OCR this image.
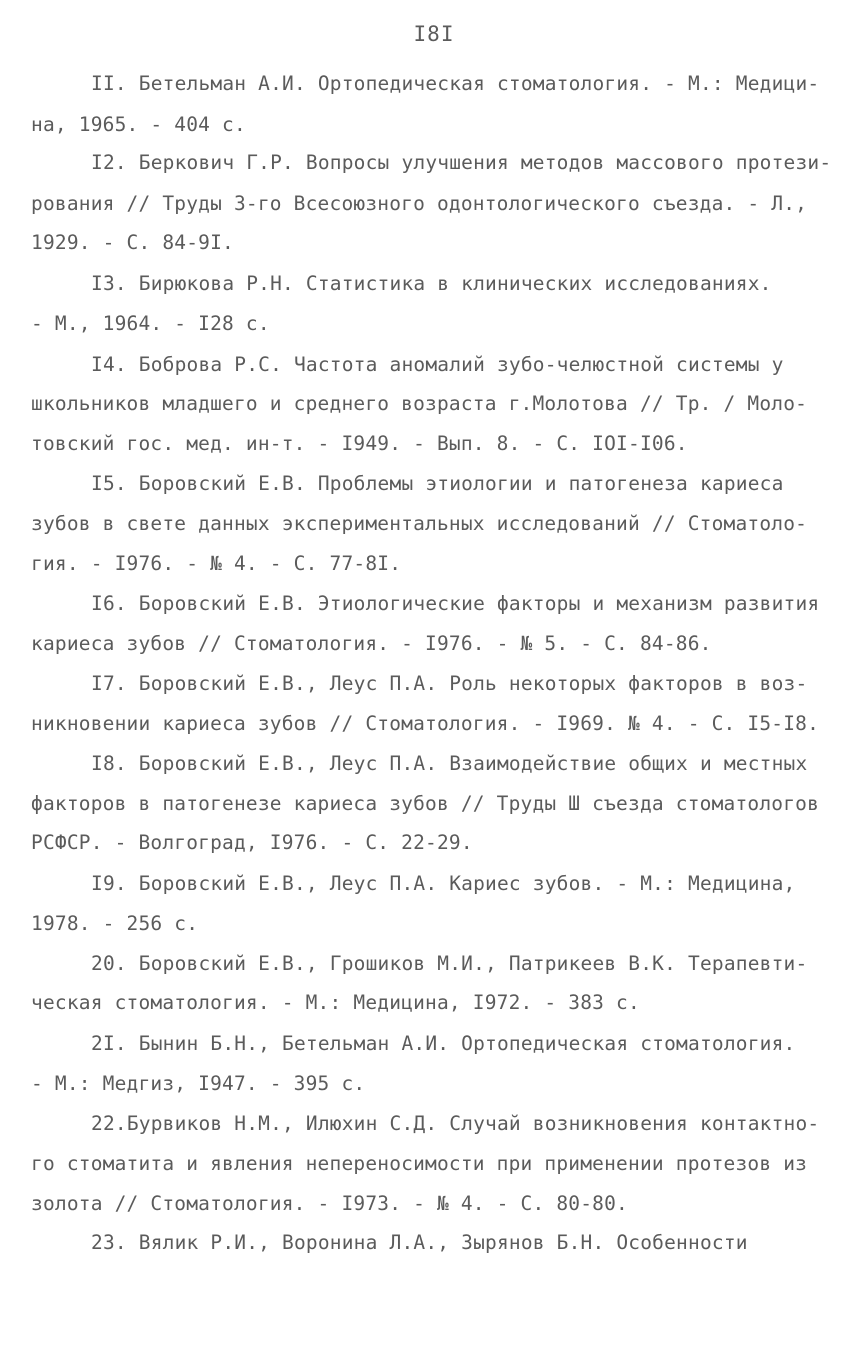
I8I
II. Бетельман А.И. Ортопедическая стоматология. - М.: Медици-
на, 1965. - 404 с.
I2. Беркович Г.Р. Вопросы улучшения методов массового протези-
рования // Труды 3-го Всесоюзного одонтологического съезда. - Л.,
1929. - С. 84-9I.
I3. Бирюкова Р.Н. Статистика в клинических исследованиях.
- М., 1964. - I28 с.
I4. Боброва Р.С. Частота аномалий зубо-челюстной системы у
школьников младшего и среднего возраста г.Молотова // Тр. / Моло-
товский гос. мед. ин-т. - I949. - Вып. 8. - С. IOI-I06.
I5. Боровский Е.В. Проблемы этиологии и патогенеза кариеса
зубов в свете данных экспериментальных исследований // Стоматоло-
гия. - I976. - № 4. - С. 77-8I.
I6. Боровский Е.В. Этиологические факторы и механизм развития
кариеса зубов // Стоматология. - I976. - № 5. - С. 84-86.
I7. Боровский Е.В., Леус П.А. Роль некоторых факторов в воз-
никновении кариеса зубов // Стоматология. - I969. № 4. - С. I5-I8.
I8. Боровский Е.В., Леус П.А. Взаимодействие общих и местных
факторов в патогенезе кариеса зубов // Труды Ш съезда стоматологов
РСФСР. - Волгоград, I976. - С. 22-29.
I9. Боровский Е.В., Леус П.А. Кариес зубов. - М.: Медицина,
1978. - 256 с.
20. Боровский Е.В., Грошиков М.И., Патрикеев В.К. Терапевти-
ческая стоматология. - М.: Медицина, I972. - 383 с.
2I. Бынин Б.Н., Бетельман А.И. Ортопедическая стоматология.
- М.: Медгиз, I947. - 395 с.
22.Бурвиков Н.М., Илюхин С.Д. Случай возникновения контактно-
го стоматита и явления непереносимости при применении протезов из
золота // Стоматология. - I973. - № 4. - С. 80-80.
23. Вялик Р.И., Воронина Л.А., Зырянов Б.Н. Особенности
